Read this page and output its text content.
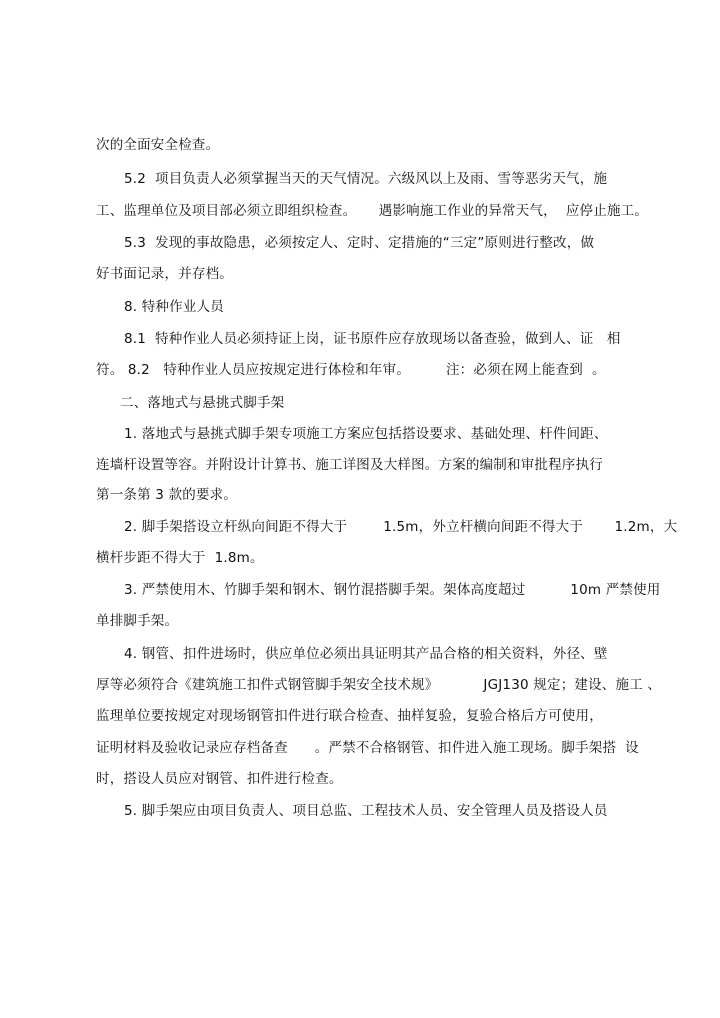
次的全面安全检查。
5.2  项目负责人必须掌握当天的天气情况。六级风以上及雨、雪等恶劣天气，施
工、监理单位及项目部必须立即组织检查。     遇影响施工作业的异常天气，  应停止施工。
5.3  发现的事故隐患，必须按定人、定时、定措施的“三定”原则进行整改，做
好书面记录，并存档。
8. 特种作业人员
8.1  特种作业人员必须持证上岗，证书原件应存放现场以备查验，做到人、证   相
符。 8.2   特种作业人员应按规定进行体检和年审。        注：必须在网上能查到  。
二、落地式与悬挑式脚手架
1. 落地式与悬挑式脚手架专项施工方案应包括搭设要求、基础处理、杆件间距、
连墙杆设置等容。并附设计计算书、施工详图及大样图。方案的编制和审批程序执行
第一条第 3 款的要求。
2. 脚手架搭设立杆纵向间距不得大于        1.5m，外立杆横向间距不得大于       1.2m，大
横杆步距不得大于  1.8m。
3. 严禁使用木、竹脚手架和钢木、钢竹混搭脚手架。架体高度超过          10m 严禁使用
单排脚手架。
4. 钢管、扣件进场时，供应单位必须出具证明其产品合格的相关资料，外径、壁
厚等必须符合《建筑施工扣件式钢管脚手架安全技术规》          JGJ130 规定；建设、施工 、
监理单位要按规定对现场钢管扣件进行联合检查、抽样复验，复验合格后方可使用，
证明材料及验收记录应存档备查      。严禁不合格钢管、扣件进入施工现场。脚手架搭  设
时，搭设人员应对钢管、扣件进行检查。
5. 脚手架应由项目负责人、项目总监、工程技术人员、安全管理人员及搭设人员
